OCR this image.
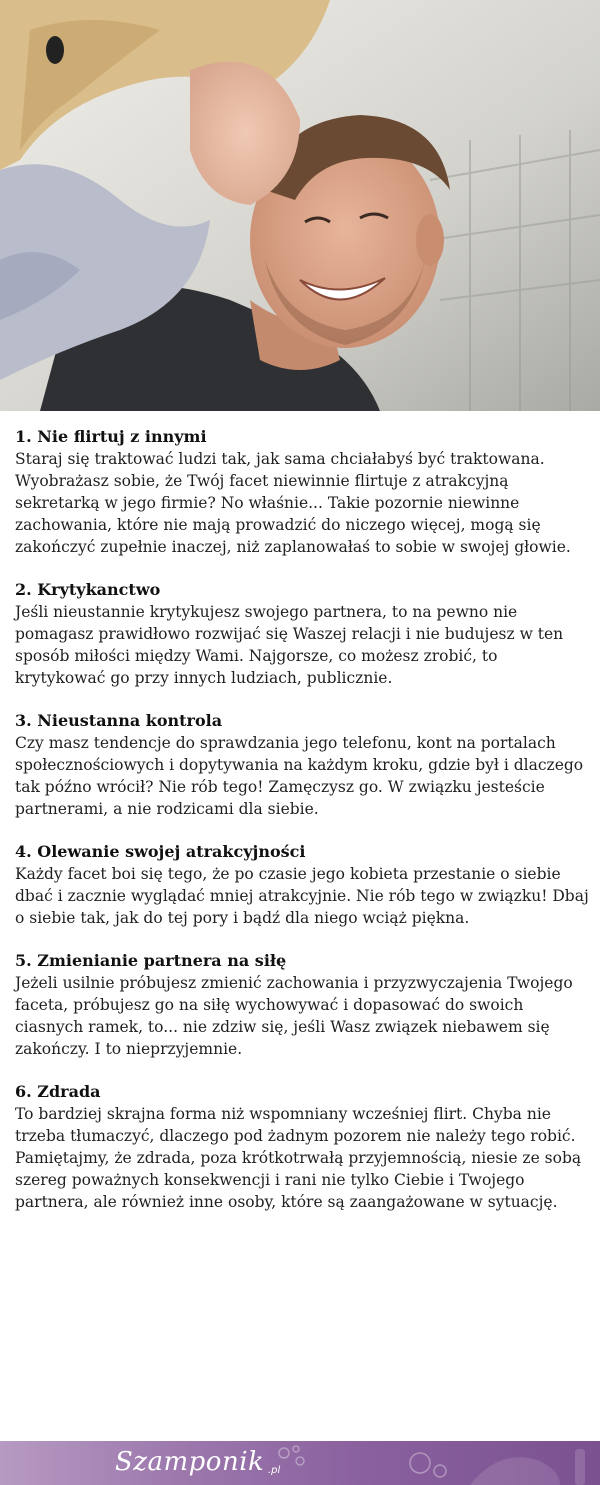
1. Nie flirtuj z innymi

Staraj się traktować ludzi tak, jak sama chciałabyś być traktowana. Wyobrażasz sobie, że Twój facet niewinnie flirtuje z atrakcyjną sekretarką w jego firmie? No właśnie... Takie pozornie niewinne zachowania, które nie mają prowadzić do niczego więcej, mogą się zakończyć zupełnie inaczej, niż zaplanowałaś to sobie w swojej głowie.

2. Krytykanctwo

Jeśli nieustannie krytykujesz swojego partnera, to na pewno nie pomagasz prawidłowo rozwijać się Waszej relacji i nie budujesz w ten sposób miłości między Wami. Najgorsze, co możesz zrobić, to krytykować go przy innych ludziach, publicznie.

3. Nieustanna kontrola

Czy masz tendencje do sprawdzania jego telefonu, kont na portalach społecznościowych i dopytywania na każdym kroku, gdzie był i dlaczego tak późno wrócił? Nie rób tego! Zamęczysz go. W związku jesteście partnerami, a nie rodzicami dla siebie.

4. Olewanie swojej atrakcyjności

Każdy facet boi się tego, że po czasie jego kobieta przestanie o siebie dbać i zacznie wyglądać mniej atrakcyjnie. Nie rób tego w związku! Dbaj o siebie tak, jak do tej pory i bądź dla niego wciąż piękna.

5. Zmienianie partnera na siłę

Jeżeli usilnie próbujesz zmienić zachowania i przyzwyczajenia Twojego faceta, próbujesz go na siłę wychowywać i dopasować do swoich ciasnych ramek, to... nie zdziw się, jeśli Wasz związek niebawem się zakończy. I to nieprzyjemnie.

6. Zdrada

To bardziej skrajna forma niż wspomniany wcześniej flirt. Chyba nie trzeba tłumaczyć, dlaczego pod żadnym pozorem nie należy tego robić. Pamiętajmy, że zdrada, poza krótkotrwałą przyjemnością, niesie ze sobą szereg poważnych konsekwencji i rani nie tylko Ciebie i Twojego partnera, ale również inne osoby, które są zaangażowane w sytuację.

Szamponik .pl
